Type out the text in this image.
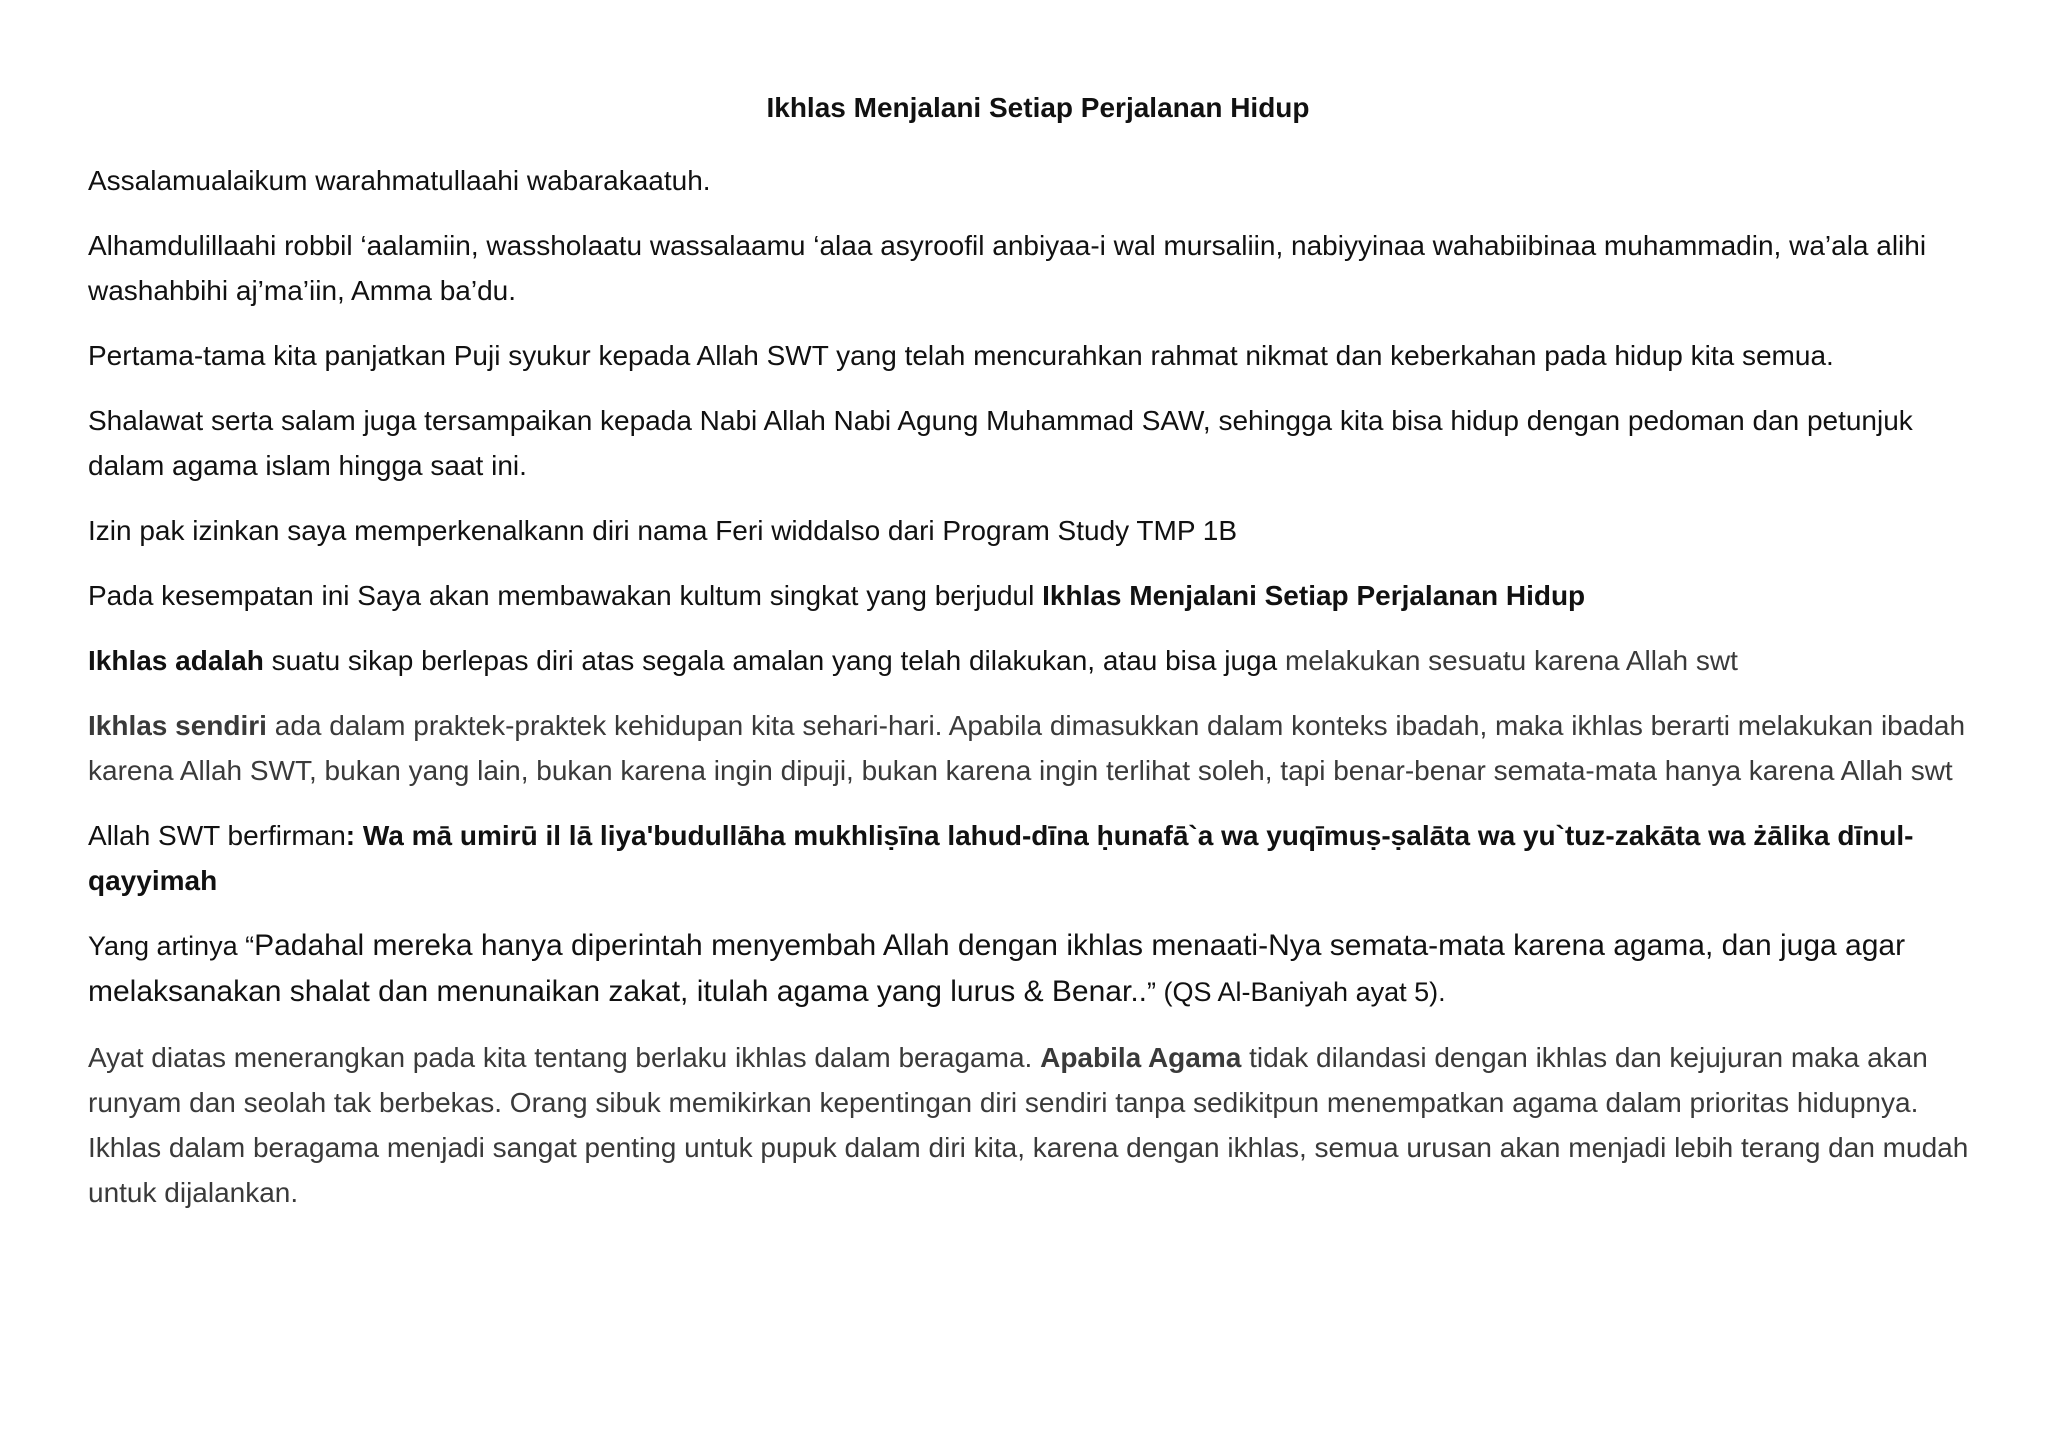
Ikhlas Menjalani Setiap Perjalanan Hidup

Assalamualaikum warahmatullaahi wabarakaatuh.

Alhamdulillaahi robbil ‘aalamiin, wassholaatu wassalaamu ‘alaa asyroofil anbiyaa-i wal mursaliin, nabiyyinaa wahabiibinaa muhammadin, wa’ala alihi washahbihi aj’ma’iin, Amma ba’du.

Pertama-tama kita panjatkan Puji syukur kepada Allah SWT yang telah mencurahkan rahmat nikmat dan keberkahan pada hidup kita semua.

Shalawat serta salam juga tersampaikan kepada Nabi Allah Nabi Agung Muhammad SAW, sehingga kita bisa hidup dengan pedoman dan petunjuk dalam agama islam hingga saat ini.

Izin pak izinkan saya memperkenalkann diri nama Feri widdalso dari Program Study TMP 1B

Pada kesempatan ini Saya akan membawakan kultum singkat yang berjudul Ikhlas Menjalani Setiap Perjalanan Hidup

Ikhlas adalah suatu sikap berlepas diri atas segala amalan yang telah dilakukan, atau bisa juga melakukan sesuatu karena Allah swt

Ikhlas sendiri ada dalam praktek-praktek kehidupan kita sehari-hari. Apabila dimasukkan dalam konteks ibadah, maka ikhlas berarti melakukan ibadah karena Allah SWT, bukan yang lain, bukan karena ingin dipuji, bukan karena ingin terlihat soleh, tapi benar-benar semata-mata hanya karena Allah swt

Allah SWT berfirman: Wa mā umirū il lā liya'budullāha mukhliṣīna lahud-dīna ḥunafā`a wa yuqīmuṣ-ṣalāta wa yu`tuz-zakāta wa żālika dīnul-qayyimah

Yang artinya “Padahal mereka hanya diperintah menyembah Allah dengan ikhlas menaati-Nya semata-mata karena agama, dan juga agar melaksanakan shalat dan menunaikan zakat, itulah agama yang lurus & Benar..” (QS Al-Baniyah ayat 5).

Ayat diatas menerangkan pada kita tentang berlaku ikhlas dalam beragama. Apabila Agama tidak dilandasi dengan ikhlas dan kejujuran maka akan runyam dan seolah tak berbekas. Orang sibuk memikirkan kepentingan diri sendiri tanpa sedikitpun menempatkan agama dalam prioritas hidupnya. Ikhlas dalam beragama menjadi sangat penting untuk pupuk dalam diri kita, karena dengan ikhlas, semua urusan akan menjadi lebih terang dan mudah untuk dijalankan.
